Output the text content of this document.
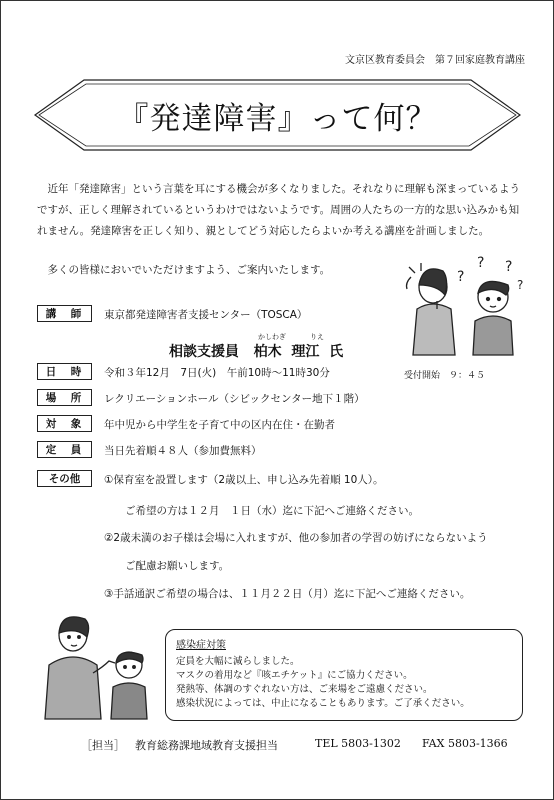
文京区教育委員会　第７回家庭教育講座
『発達障害』って何？

近年「発達障害」という言葉を耳にする機会が多くなりました。それなりに理解も深まっているようですが、正しく理解されているというわけではないようです。周囲の人たちの一方的な思い込みかも知れません。発達障害を正しく知り、親としてどう対応したらよいか考える講座を計画しました。

多くの皆様においでいただけますよう、ご案内いたします。	?
? ?
?
講　師	東京都発達障害者支援センター（TOSCA）
かしわぎ	りえ
相談支援員 柏木 理江 氏
受付開始　９：４５
日　時	令和３年12月　7日(火)　午前10時～11時30分
場　所	レクリエーションホール（シビックセンター地下１階）
対　象	年中児から中学生を子育て中の区内在住・在勤者
定　員	当日先着順４８人（参加費無料）
その他	①保育室を設置します（2歳以上、申し込み先着順 10人）。
ご希望の方は１２月　１日（水）迄に下記へご連絡ください。
②2歳未満のお子様は会場に入れますが、他の参加者の学習の妨げにならないよう
ご配慮お願いします。
③手話通訳ご希望の場合は、１１月２２日（月）迄に下記へご連絡ください。
感染症対策
定員を大幅に減らしました。
マスクの着用など『咳エチケット』にご協力ください。
発熱等、体調のすぐれない方は、ご来場をご遠慮ください。
感染状況によっては、中止になることもあります。ご了承ください。
［担当］ 教育総務課地域教育支援担当	TEL 5803-1302 FAX 5803-1366
